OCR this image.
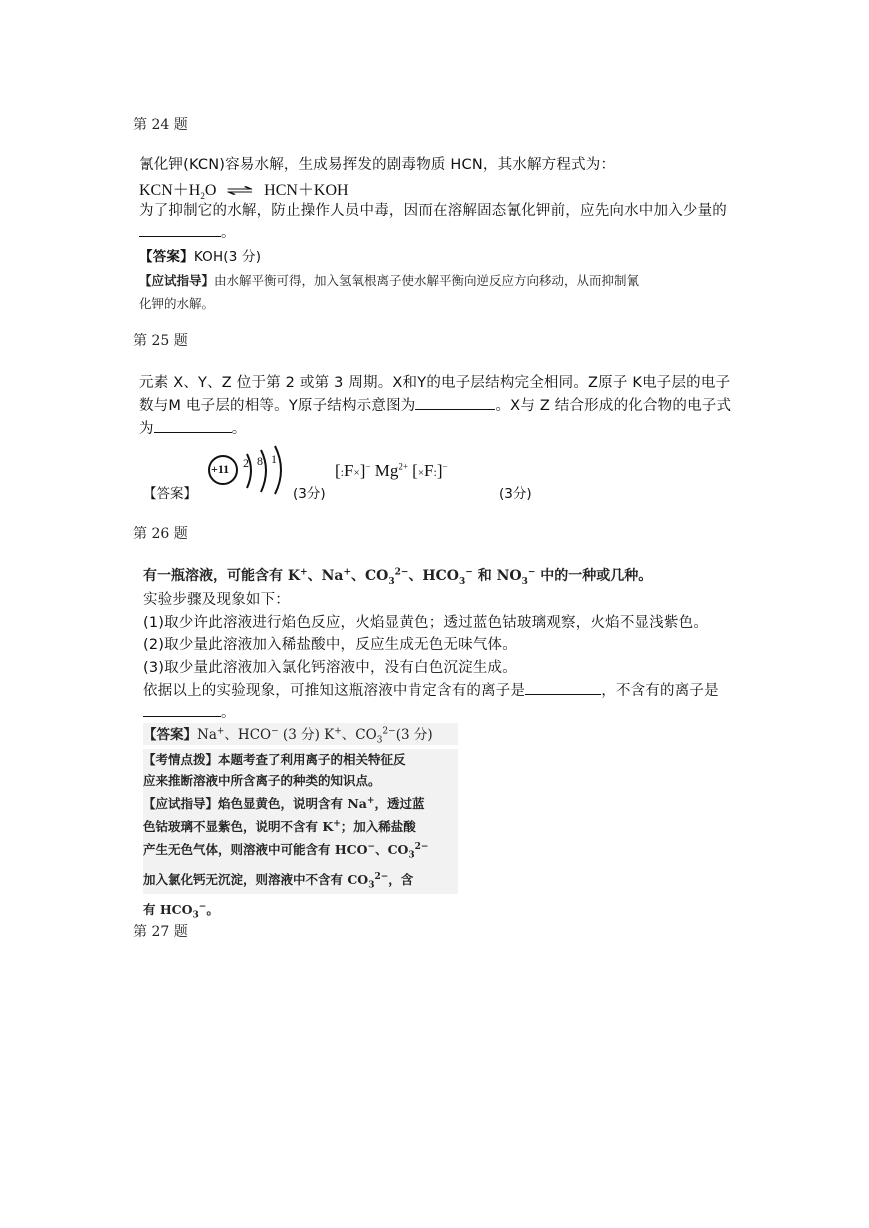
第 24 题
氰化钾(KCN)容易水解，生成易挥发的剧毒物质 HCN，其水解方程式为：
$KCN+H_2O$ ⇌ HCN＋KOH
为了抑制它的水解，防止操作人员中毒，因而在溶解固态氰化钾前，应先向水中加入少量的
。
【答案】KOH(3 分)
【应试指导】由水解平衡可得，加入氢氧根离子使水解平衡向逆反应方向移动，从而抑制氰
化钾的水解。
第 25 题
元素 X、Y、Z 位于第 2 或第 3 周期。X和Y的电子层结构完全相同。Z原子 K电子层的电子
数与M 电子层的相等。Y原子结构示意图为	。X与 Z 结合形成的化合物的电子式
为	。
【答案】
+11 2 8 1
(3分)
[:F×]− $Mg^{2+}$ [×F:]−
(3分)
第 26 题
有一瓶溶液，可能含有 K+、Na+、$CO_3^{2-}$、$HCO_3^-$ 和 $NO_3^-$ 中的一种或几种。
实验步骤及现象如下：
(1)取少许此溶液进行焰色反应，火焰显黄色；透过蓝色钴玻璃观察，火焰不显浅紫色。
(2)取少量此溶液加入稀盐酸中，反应生成无色无味气体。
(3)取少量此溶液加入氯化钙溶液中，没有白色沉淀生成。
依据以上的实验现象，可推知这瓶溶液中肯定含有的离子是	，不含有的离子是
。
【答案】Na+、HCO− (3 分) K+、$CO_3^{2-}(3$ 分)
【考情点拨】本题考查了利用离子的相关特征反
应来推断溶液中所含离子的种类的知识点。
【应试指导】焰色显黄色，说明含有 Na+，透过蓝
色钴玻璃不显紫色，说明不含有 K+；加入稀盐酸
产生无色气体，则溶液中可能含有 HCO−、$CO_3^{2-}$
加入氯化钙无沉淀，则溶液中不含有 $CO_3^{2-}$，含
有 $HCO_3^-$。
第 27 题
